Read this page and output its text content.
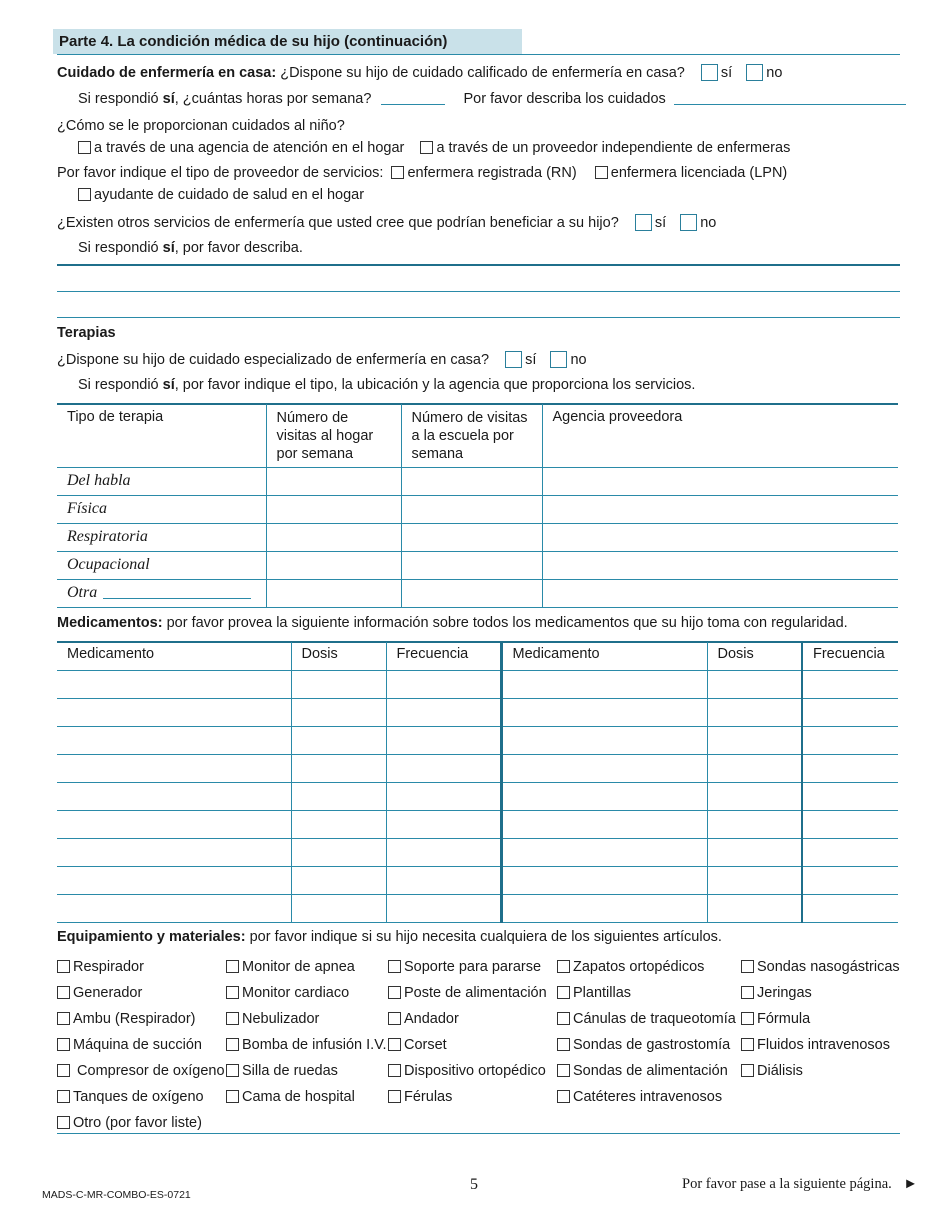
Parte 4. La condición médica de su hijo (continuación)
Cuidado de enfermería en casa: ¿Dispone su hijo de cuidado calificado de enfermería en casa? sí no
Si respondió sí, ¿cuántas horas por semana?	Por favor describa los cuidados
¿Cómo se le proporcionan cuidados al niño?
a través de una agencia de atención en el hogar a través de un proveedor independiente de enfermeras
Por favor indique el tipo de proveedor de servicios: enfermera registrada (RN) enfermera licenciada (LPN)
ayudante de cuidado de salud en el hogar
¿Existen otros servicios de enfermería que usted cree que podrían beneficiar a su hijo? sí no
Si respondió sí, por favor describa.
Terapias
¿Dispone su hijo de cuidado especializado de enfermería en casa? sí no
Si respondió sí, por favor indique el tipo, la ubicación y la agencia que proporciona los servicios.
Tipo de terapia	Número de visitas al hogar por semana	Número de visitas a la escuela por semana	Agencia proveedora
Del habla			
Física			
Respiratoria			
Ocupacional			
Otra			
Medicamentos: por favor provea la siguiente información sobre todos los medicamentos que su hijo toma con regularidad.
Medicamento	Dosis	Frecuencia	Medicamento	Dosis	Frecuencia

Equipamiento y materiales: por favor indique si su hijo necesita cualquiera de los siguientes artículos.
Respirador
Generador
Ambu (Respirador)
Máquina de succión
Compresor de oxígeno
Tanques de oxígeno
Otro (por favor liste)
Monitor de apnea
Monitor cardiaco
Nebulizador
Bomba de infusión I.V.
Silla de ruedas
Cama de hospital
Soporte para pararse
Poste de alimentación
Andador
Corset
Dispositivo ortopédico
Férulas
Zapatos ortopédicos
Plantillas
Cánulas de traqueotomía
Sondas de gastrostomía
Sondas de alimentación
Catéteres intravenosos
Sondas nasogástricas
Jeringas
Fórmula
Fluidos intravenosos
Diálisis
MADS-C-MR-COMBO-ES-0721
5	Por favor pase a la siguiente página. ►
